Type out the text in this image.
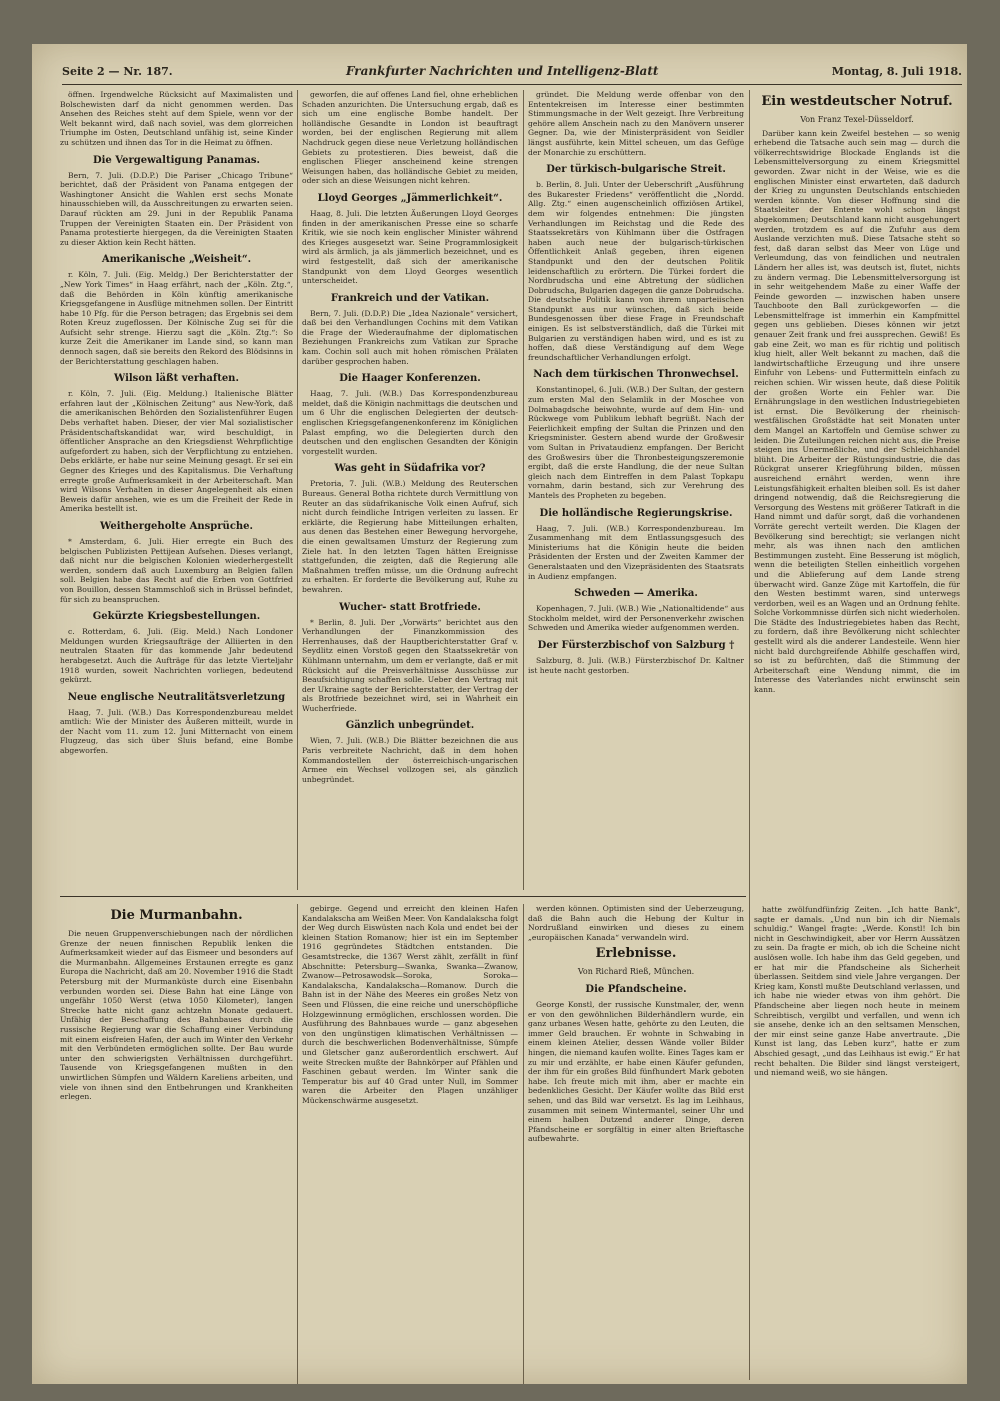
Seite 2 — Nr. 187.	Frankfurter Nachrichten und Intelligenz-Blatt	Montag, 8. Juli 1918.

öffnen. Irgendwelche Rücksicht auf Maximalisten und Bolschewisten darf da nicht genommen werden. Das Ansehen des Reiches steht auf dem Spiele, wenn vor der Welt bekannt wird, daß nach soviel, was dem glorreichen Triumphe im Osten, Deutschland unfähig ist, seine Kinder zu schützen und ihnen das Tor in die Heimat zu öffnen.

Die Vergewaltigung Panamas.

Bern, 7. Juli. (D.D.P.) Die Pariser „Chicago Tribune“ berichtet, daß der Präsident von Panama entgegen der Washingtoner Ansicht die Wahlen erst sechs Monate hinausschieben will, da Ausschreitungen zu erwarten seien. Darauf rückten am 29. Juni in der Republik Panama Truppen der Vereinigten Staaten ein. Der Präsident von Panama protestierte hiergegen, da die Vereinigten Staaten zu dieser Aktion kein Recht hätten.

Amerikanische „Weisheit“.

r. Köln, 7. Juli. (Eig. Meldg.) Der Berichterstatter der „New York Times“ in Haag erfährt, nach der „Köln. Ztg.“, daß die Behörden in Köln künftig amerikanische Kriegsgefangene in Ausflüge mitnehmen sollen. Der Eintritt habe 10 Pfg. für die Person betragen; das Ergebnis sei dem Roten Kreuz zugeflossen. Der Kölnische Zug sei für die Aufsicht sehr strenge. Hierzu sagt die „Köln. Ztg.“: So kurze Zeit die Amerikaner im Lande sind, so kann man dennoch sagen, daß sie bereits den Rekord des Blödsinns in der Berichterstattung geschlagen haben.

Wilson läßt verhaften.

r. Köln, 7. Juli. (Eig. Meldung.) Italienische Blätter erfahren laut der „Kölnischen Zeitung“ aus New-York, daß die amerikanischen Behörden den Sozialistenführer Eugen Debs verhaftet haben. Dieser, der vier Mal sozialistischer Präsidentschaftskandidat war, wird beschuldigt, in öffentlicher Ansprache an den Kriegsdienst Wehrpflichtige aufgefordert zu haben, sich der Verpflichtung zu entziehen. Debs erklärte, er habe nur seine Meinung gesagt. Er sei ein Gegner des Krieges und des Kapitalismus. Die Verhaftung erregte große Aufmerksamkeit in der Arbeiterschaft. Man wird Wilsons Verhalten in dieser Angelegenheit als einen Beweis dafür ansehen, wie es um die Freiheit der Rede in Amerika bestellt ist.

Weithergeholte Ansprüche.

* Amsterdam, 6. Juli. Hier erregte ein Buch des belgischen Publizisten Pettijean Aufsehen. Dieses verlangt, daß nicht nur die belgischen Kolonien wiederhergestellt werden, sondern daß auch Luxemburg an Belgien fallen soll. Belgien habe das Recht auf die Erben von Gottfried von Bouillon, dessen Stammschloß sich in Brüssel befindet, für sich zu beanspruchen.

Gekürzte Kriegsbestellungen.

c. Rotterdam, 6. Juli. (Eig. Meld.) Nach Londoner Meldungen wurden Kriegsaufträge der Alliierten in den neutralen Staaten für das kommende Jahr bedeutend herabgesetzt. Auch die Aufträge für das letzte Vierteljahr 1918 wurden, soweit Nachrichten vorliegen, bedeutend gekürzt.

Neue englische Neutralitätsverletzung

Haag, 7. Juli. (W.B.) Das Korrespondenzbureau meldet amtlich: Wie der Minister des Äußeren mitteilt, wurde in der Nacht vom 11. zum 12. Juni Mitternacht von einem Flugzeug, das sich über Sluis befand, eine Bombe abgeworfen.

geworfen, die auf offenes Land fiel, ohne erheblichen Schaden anzurichten. Die Untersuchung ergab, daß es sich um eine englische Bombe handelt. Der holländische Gesandte in London ist beauftragt worden, bei der englischen Regierung mit allem Nachdruck gegen diese neue Verletzung holländischen Gebiets zu protestieren. Dies beweist, daß die englischen Flieger anscheinend keine strengen Weisungen haben, das holländische Gebiet zu meiden, oder sich an diese Weisungen nicht kehren.

Lloyd Georges „Jämmerlichkeit“.

Haag, 8. Juli. Die letzten Äußerungen Lloyd Georges finden in der amerikanischen Presse eine so scharfe Kritik, wie sie noch kein englischer Minister während des Krieges ausgesetzt war. Seine Programmlosigkeit wird als ärmlich, ja als jämmerlich bezeichnet, und es wird festgestellt, daß sich der amerikanische Standpunkt von dem Lloyd Georges wesentlich unterscheidet.

Frankreich und der Vatikan.

Bern, 7. Juli. (D.D.P.) Die „Idea Nazionale“ versichert, daß bei den Verhandlungen Cochins mit dem Vatikan die Frage der Wiederaufnahme der diplomatischen Beziehungen Frankreichs zum Vatikan zur Sprache kam. Cochin soll auch mit hohen römischen Prälaten darüber gesprochen haben.

Die Haager Konferenzen.

Haag, 7. Juli. (W.B.) Das Korrespondenzbureau meldet, daß die Königin nachmittags die deutschen und um 6 Uhr die englischen Delegierten der deutsch-englischen Kriegsgefangenenkonferenz im Königlichen Palast empfing, wo die Delegierten durch den deutschen und den englischen Gesandten der Königin vorgestellt wurden.

Was geht in Südafrika vor?

Pretoria, 7. Juli. (W.B.) Meldung des Reuterschen Bureaus. General Botha richtete durch Vermittlung von Reuter an das südafrikanische Volk einen Aufruf, sich nicht durch feindliche Intrigen verleiten zu lassen. Er erklärte, die Regierung habe Mitteilungen erhalten, aus denen das Bestehen einer Bewegung hervorgehe, die einen gewaltsamen Umsturz der Regierung zum Ziele hat. In den letzten Tagen hätten Ereignisse stattgefunden, die zeigten, daß die Regierung alle Maßnahmen treffen müsse, um die Ordnung aufrecht zu erhalten. Er forderte die Bevölkerung auf, Ruhe zu bewahren.

Wucher- statt Brotfriede.

* Berlin, 8. Juli. Der „Vorwärts“ berichtet aus den Verhandlungen der Finanzkommission des Herrenhauses, daß der Hauptberichterstatter Graf v. Seydlitz einen Vorstoß gegen den Staatssekretär von Kühlmann unternahm, um dem er verlangte, daß er mit Rücksicht auf die Preisverhältnisse Ausschüsse zur Beaufsichtigung schaffen solle. Ueber den Vertrag mit der Ukraine sagte der Berichterstatter, der Vertrag der als Brotfriede bezeichnet wird, sei in Wahrheit ein Wucherfriede.

Gänzlich unbegründet.

Wien, 7. Juli. (W.B.) Die Blätter bezeichnen die aus Paris verbreitete Nachricht, daß in dem hohen Kommandostellen der österreichisch-ungarischen Armee ein Wechsel vollzogen sei, als gänzlich unbegründet.

gründet. Die Meldung werde offenbar von den Ententekreisen im Interesse einer bestimmten Stimmungsmache in der Welt gezeigt. Ihre Verbreitung gehöre allem Anschein nach zu den Manövern unserer Gegner. Da, wie der Ministerpräsident von Seidler längst ausführte, kein Mittel scheuen, um das Gefüge der Monarchie zu erschüttern.

Der türkisch-bulgarische Streit.

b. Berlin, 8. Juli. Unter der Ueberschrift „Ausführung des Bukarester Friedens“ veröffentlicht die „Nordd. Allg. Ztg.“ einen augenscheinlich offiziösen Artikel, dem wir folgendes entnehmen: Die jüngsten Verhandlungen im Reichstag und die Rede des Staatssekretärs von Kühlmann über die Ostfragen haben auch neue der bulgarisch-türkischen Öffentlichkeit Anlaß gegeben, ihren eigenen Standpunkt und den der deutschen Politik leidenschaftlich zu erörtern. Die Türkei fordert die Nordbrudscha und eine Abtretung der südlichen Dobrudscha, Bulgarien dagegen die ganze Dobrudscha. Die deutsche Politik kann von ihrem unparteiischen Standpunkt aus nur wünschen, daß sich beide Bundesgenossen über diese Frage in Freundschaft einigen. Es ist selbstverständlich, daß die Türkei mit Bulgarien zu verständigen haben wird, und es ist zu hoffen, daß diese Verständigung auf dem Wege freundschaftlicher Verhandlungen erfolgt.

Nach dem türkischen Thronwechsel.

Konstantinopel, 6. Juli. (W.B.) Der Sultan, der gestern zum ersten Mal den Selamlik in der Moschee von Dolmabagdsche beiwohnte, wurde auf dem Hin- und Rückwege vom Publikum lebhaft begrüßt. Nach der Feierlichkeit empfing der Sultan die Prinzen und den Kriegsminister. Gestern abend wurde der Großwesir vom Sultan in Privataudienz empfangen. Der Bericht des Großwesirs über die Thronbesteigungszeremonie ergibt, daß die erste Handlung, die der neue Sultan gleich nach dem Eintreffen in dem Palast Topkapu vornahm, darin bestand, sich zur Verehrung des Mantels des Propheten zu begeben.

Die holländische Regierungskrise.

Haag, 7. Juli. (W.B.) Korrespondenzbureau. Im Zusammenhang mit dem Entlassungsgesuch des Ministeriums hat die Königin heute die beiden Präsidenten der Ersten und der Zweiten Kammer der Generalstaaten und den Vizepräsidenten des Staatsrats in Audienz empfangen.

Schweden — Amerika.

Kopenhagen, 7. Juli. (W.B.) Wie „Nationaltidende“ aus Stockholm meldet, wird der Personenverkehr zwischen Schweden und Amerika wieder aufgenommen werden.

Der Fürsterzbischof von Salzburg †

Salzburg, 8. Juli. (W.B.) Fürsterzbischof Dr. Kaltner ist heute nacht gestorben.

Ein westdeutscher Notruf.

Von Franz Texel-Düsseldorf.

Darüber kann kein Zweifel bestehen — so wenig erhebend die Tatsache auch sein mag — durch die völkerrechtswidrige Blockade Englands ist die Lebensmittelversorgung zu einem Kriegsmittel geworden. Zwar nicht in der Weise, wie es die englischen Minister einst erwarteten, daß dadurch der Krieg zu ungunsten Deutschlands entschieden werden könnte. Von dieser Hoffnung sind die Staatsleiter der Entente wohl schon längst abgekommen; Deutschland kann nicht ausgehungert werden, trotzdem es auf die Zufuhr aus dem Auslande verzichten muß. Diese Tatsache steht so fest, daß daran selbst das Meer von Lüge und Verleumdung, das von feindlichen und neutralen Ländern her alles ist, was deutsch ist, flutet, nichts zu ändern vermag. Die Lebensmittelversorgung ist in sehr weitgehendem Maße zu einer Waffe der Feinde geworden — inzwischen haben unsere Tauchboote den Ball zurückgeworfen — die Lebensmittelfrage ist immerhin ein Kampfmittel gegen uns geblieben. Dieses können wir jetzt genauer Zeit frank und frei aussprechen. Gewiß! Es gab eine Zeit, wo man es für richtig und politisch klug hielt, aller Welt bekannt zu machen, daß die landwirtschaftliche Erzeugung und ihre unsere Einfuhr von Lebens- und Futtermitteln einfach zu reichen schien. Wir wissen heute, daß diese Politik der großen Worte ein Fehler war. Die Ernährungslage in den westlichen Industriegebieten ist ernst. Die Bevölkerung der rheinisch-westfälischen Großstädte hat seit Monaten unter dem Mangel an Kartoffeln und Gemüse schwer zu leiden. Die Zuteilungen reichen nicht aus, die Preise steigen ins Unermeßliche, und der Schleichhandel blüht. Die Arbeiter der Rüstungsindustrie, die das Rückgrat unserer Kriegführung bilden, müssen ausreichend ernährt werden, wenn ihre Leistungsfähigkeit erhalten bleiben soll. Es ist daher dringend notwendig, daß die Reichsregierung die Versorgung des Westens mit größerer Tatkraft in die Hand nimmt und dafür sorgt, daß die vorhandenen Vorräte gerecht verteilt werden. Die Klagen der Bevölkerung sind berechtigt; sie verlangen nicht mehr, als was ihnen nach den amtlichen Bestimmungen zusteht. Eine Besserung ist möglich, wenn die beteiligten Stellen einheitlich vorgehen und die Ablieferung auf dem Lande streng überwacht wird. Ganze Züge mit Kartoffeln, die für den Westen bestimmt waren, sind unterwegs verdorben, weil es an Wagen und an Ordnung fehlte. Solche Vorkommnisse dürfen sich nicht wiederholen. Die Städte des Industriegebietes haben das Recht, zu fordern, daß ihre Bevölkerung nicht schlechter gestellt wird als die anderer Landesteile. Wenn hier nicht bald durchgreifende Abhilfe geschaffen wird, so ist zu befürchten, daß die Stimmung der Arbeiterschaft eine Wendung nimmt, die im Interesse des Vaterlandes nicht erwünscht sein kann.

Die Murmanbahn.

Die neuen Gruppenverschiebungen nach der nördlichen Grenze der neuen finnischen Republik lenken die Aufmerksamkeit wieder auf das Eismeer und besonders auf die Murmanbahn. Allgemeines Erstaunen erregte es ganz Europa die Nachricht, daß am 20. November 1916 die Stadt Petersburg mit der Murmanküste durch eine Eisenbahn verbunden worden sei. Diese Bahn hat eine Länge von ungefähr 1050 Werst (etwa 1050 Kilometer), langen Strecke hatte nicht ganz achtzehn Monate gedauert. Unfähig der Beschaffung des Bahnbaues durch die russische Regierung war die Schaffung einer Verbindung mit einem eisfreien Hafen, der auch im Winter den Verkehr mit den Verbündeten ermöglichen sollte. Der Bau wurde unter den schwierigsten Verhältnissen durchgeführt. Tausende von Kriegsgefangenen mußten in den unwirtlichen Sümpfen und Wäldern Kareliens arbeiten, und viele von ihnen sind den Entbehrungen und Krankheiten erlegen.

gebirge. Gegend und erreicht den kleinen Hafen Kandalakscha am Weißen Meer. Von Kandalakscha folgt der Weg durch Eiswüsten nach Kola und endet bei der kleinen Station Romanow; hier ist ein im September 1916 gegründetes Städtchen entstanden. Die Gesamtstrecke, die 1367 Werst zählt, zerfällt in fünf Abschnitte: Petersburg—Swanka, Swanka—Zwanow, Zwanow—Petrosawodsk—Soroka, Soroka—Kandalakscha, Kandalakscha—Romanow. Durch die Bahn ist in der Nähe des Meeres ein großes Netz von Seen und Flüssen, die eine reiche und unerschöpfliche Holzgewinnung ermöglichen, erschlossen worden. Die Ausführung des Bahnbaues wurde — ganz abgesehen von den ungünstigen klimatischen Verhältnissen — durch die beschwerlichen Bodenverhältnisse, Sümpfe und Gletscher ganz außerordentlich erschwert. Auf weite Strecken mußte der Bahnkörper auf Pfählen und Faschinen gebaut werden. Im Winter sank die Temperatur bis auf 40 Grad unter Null, im Sommer waren die Arbeiter den Plagen unzähliger Mückenschwärme ausgesetzt.

werden können. Optimisten sind der Ueberzeugung, daß die Bahn auch die Hebung der Kultur in Nordrußland einwirken und dieses zu einem „europäischen Kanada“ verwandeln wird.

Erlebnisse.

Von Richard Rieß, München.

Die Pfandscheine.

George Konstl, der russische Kunstmaler, der, wenn er von den gewöhnlichen Bilderhändlern wurde, ein ganz urbanes Wesen hatte, gehörte zu den Leuten, die immer Geld brauchen. Er wohnte in Schwabing in einem kleinen Atelier, dessen Wände voller Bilder hingen, die niemand kaufen wollte. Eines Tages kam er zu mir und erzählte, er habe einen Käufer gefunden, der ihm für ein großes Bild fünfhundert Mark geboten habe. Ich freute mich mit ihm, aber er machte ein bedenkliches Gesicht. Der Käufer wollte das Bild erst sehen, und das Bild war versetzt. Es lag im Leihhaus, zusammen mit seinem Wintermantel, seiner Uhr und einem halben Dutzend anderer Dinge, deren Pfandscheine er sorgfältig in einer alten Brieftasche aufbewahrte.

hatte zwölfundfünfzig Zeiten. „Ich hatte Bank“, sagte er damals. „Und nun bin ich dir Niemals schuldig.“ Wangel fragte: „Werde. Konstl! Ich bin nicht in Geschwindigkeit, aber vor Herrn Aussätzen zu sein. Da fragte er mich, ob ich die Scheine nicht auslösen wolle. Ich habe ihm das Geld gegeben, und er hat mir die Pfandscheine als Sicherheit überlassen. Seitdem sind viele Jahre vergangen. Der Krieg kam, Konstl mußte Deutschland verlassen, und ich habe nie wieder etwas von ihm gehört. Die Pfandscheine aber liegen noch heute in meinem Schreibtisch, vergilbt und verfallen, und wenn ich sie ansehe, denke ich an den seltsamen Menschen, der mir einst seine ganze Habe anvertraute. „Die Kunst ist lang, das Leben kurz“, hatte er zum Abschied gesagt, „und das Leihhaus ist ewig.“ Er hat recht behalten. Die Bilder sind längst versteigert, und niemand weiß, wo sie hängen.
